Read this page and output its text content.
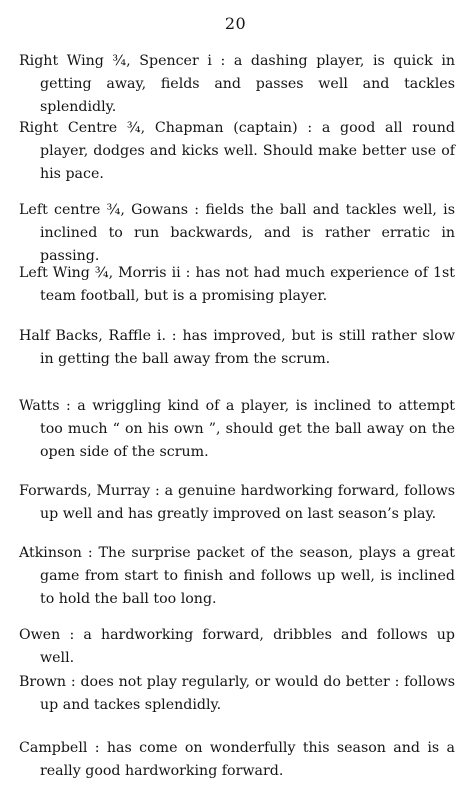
20

Right Wing ¾, Spencer i : a dashing player, is quick in getting away, fields and passes well and tackles splendidly.

Right Centre ¾, Chapman (captain) : a good all round player, dodges and kicks well. Should make better use of his pace.

Left centre ¾, Gowans : fields the ball and tackles well, is inclined to run backwards, and is rather erratic in passing.

Left Wing ¾, Morris ii : has not had much experience of 1st team football, but is a promising player.

Half Backs, Raffle i. : has improved, but is still rather slow in getting the ball away from the scrum.

Watts : a wriggling kind of a player, is inclined to attempt too much “ on his own ”, should get the ball away on the open side of the scrum.

Forwards, Murray : a genuine hardworking forward, follows up well and has greatly improved on last season’s play.

Atkinson : The surprise packet of the season, plays a great game from start to finish and follows up well, is inclined to hold the ball too long.

Owen : a hardworking forward, dribbles and follows up well.

Brown : does not play regularly, or would do better : follows up and tackes splendidly.

Campbell : has come on wonderfully this season and is a really good hardworking forward.
